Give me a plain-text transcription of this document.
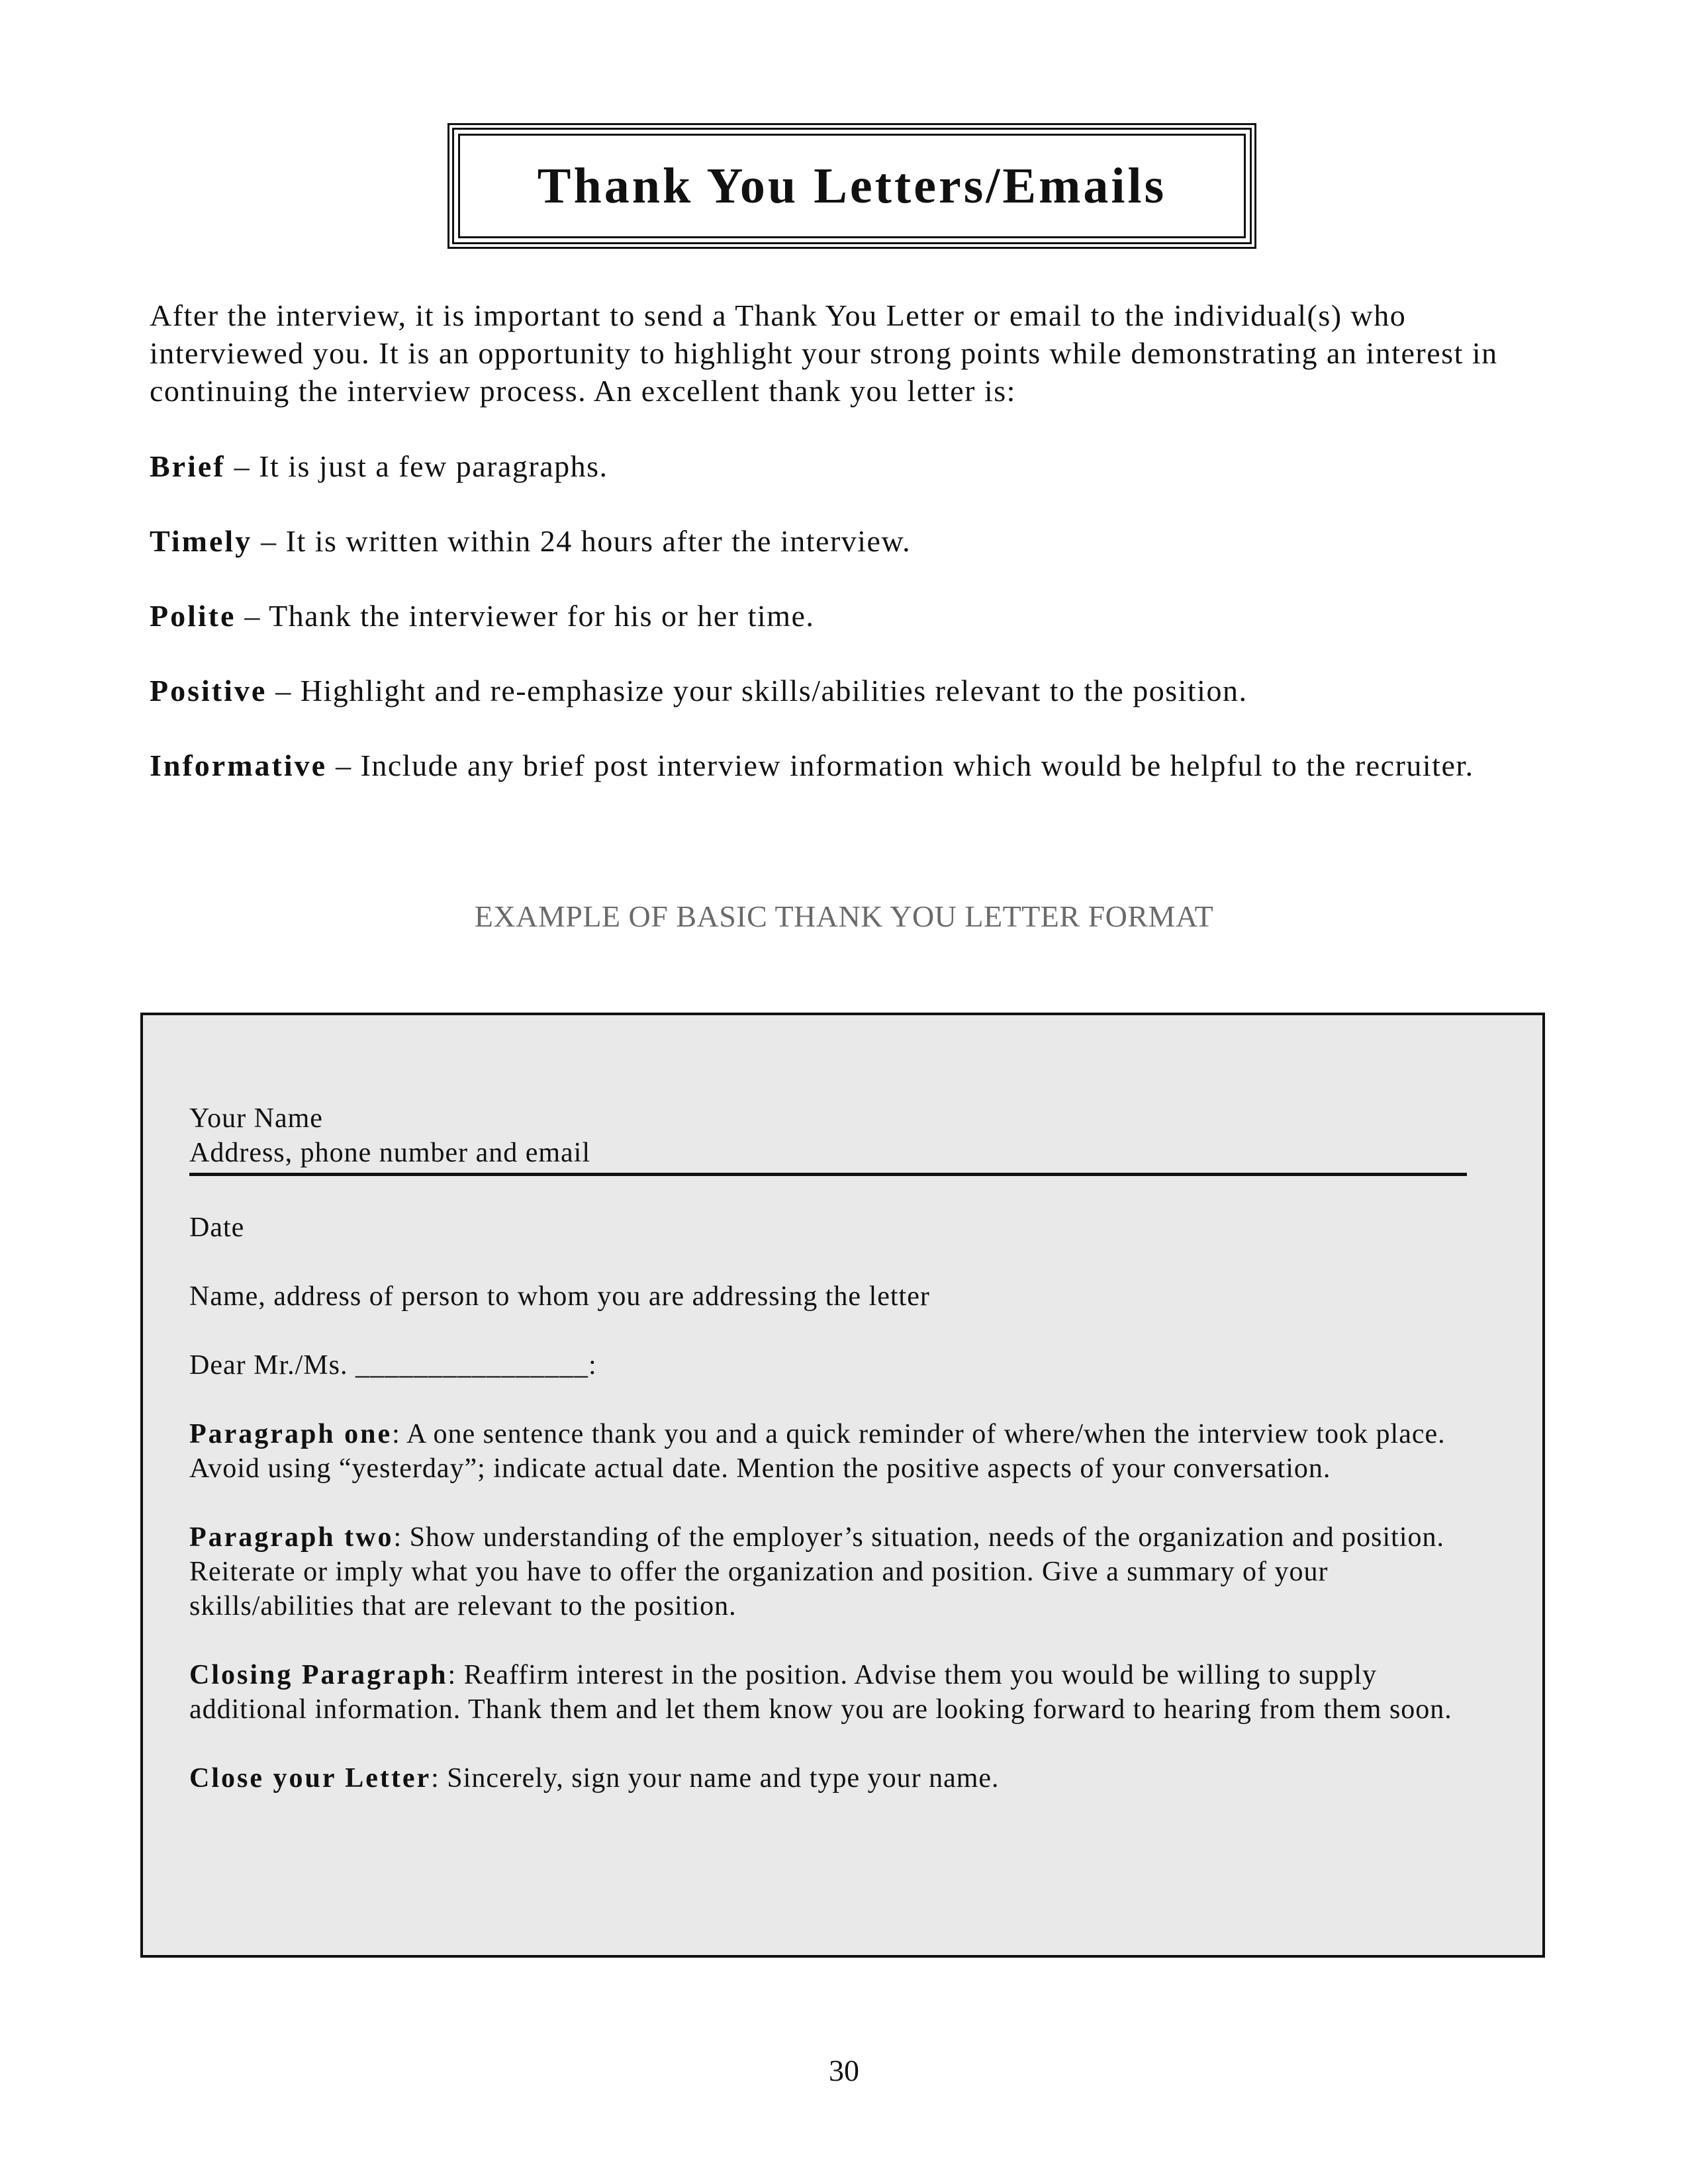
Thank You Letters/Emails

After the interview, it is important to send a Thank You Letter or email to the individual(s) who interviewed you. It is an opportunity to highlight your strong points while demonstrating an interest in continuing the interview process. An excellent thank you letter is:

Brief – It is just a few paragraphs.
Timely – It is written within 24 hours after the interview.
Polite – Thank the interviewer for his or her time.
Positive – Highlight and re-emphasize your skills/abilities relevant to the position.
Informative – Include any brief post interview information which would be helpful to the recruiter.
EXAMPLE OF BASIC THANK YOU LETTER FORMAT

Your Name

Address, phone number and email

Date

Name, address of person to whom you are addressing the letter

Dear Mr./Ms. ________________:

Paragraph one: A one sentence thank you and a quick reminder of where/when the interview took place. Avoid using “yesterday”; indicate actual date. Mention the positive aspects of your conversation.

Paragraph two: Show understanding of the employer’s situation, needs of the organization and position. Reiterate or imply what you have to offer the organization and position. Give a summary of your skills/abilities that are relevant to the position.

Closing Paragraph: Reaffirm interest in the position. Advise them you would be willing to supply additional information. Thank them and let them know you are looking forward to hearing from them soon.

Close your Letter: Sincerely, sign your name and type your name.

30
